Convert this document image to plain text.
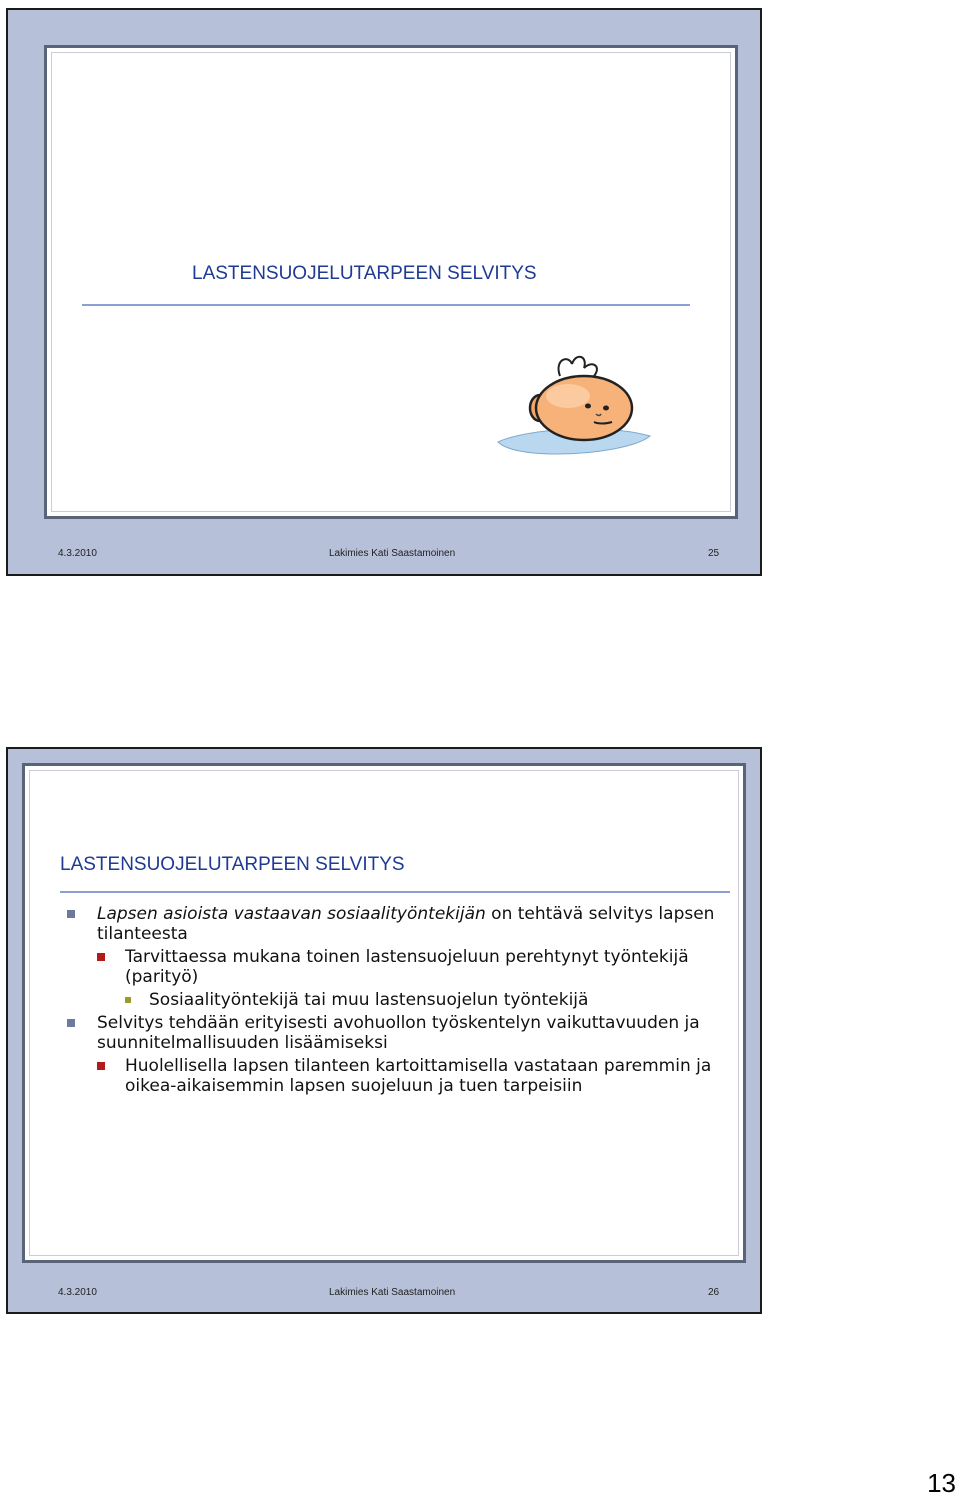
LASTENSUOJELUTARPEEN SELVITYS
4.3.2010	Lakimies Kati Saastamoinen	25
LASTENSUOJELUTARPEEN SELVITYS

Lapsen asioista vastaavan sosiaalityöntekijän on tehtävä selvitys lapsen tilanteesta

Tarvittaessa mukana toinen lastensuojeluun perehtynyt työntekijä (parityö)

Sosiaalityöntekijä tai muu lastensuojelun työntekijä

Selvitys tehdään erityisesti avohuollon työskentelyn vaikuttavuuden ja suunnitelmallisuuden lisäämiseksi

Huolellisella lapsen tilanteen kartoittamisella vastataan paremmin ja oikea-aikaisemmin lapsen suojeluun ja tuen tarpeisiin

4.3.2010	Lakimies Kati Saastamoinen	26
13
